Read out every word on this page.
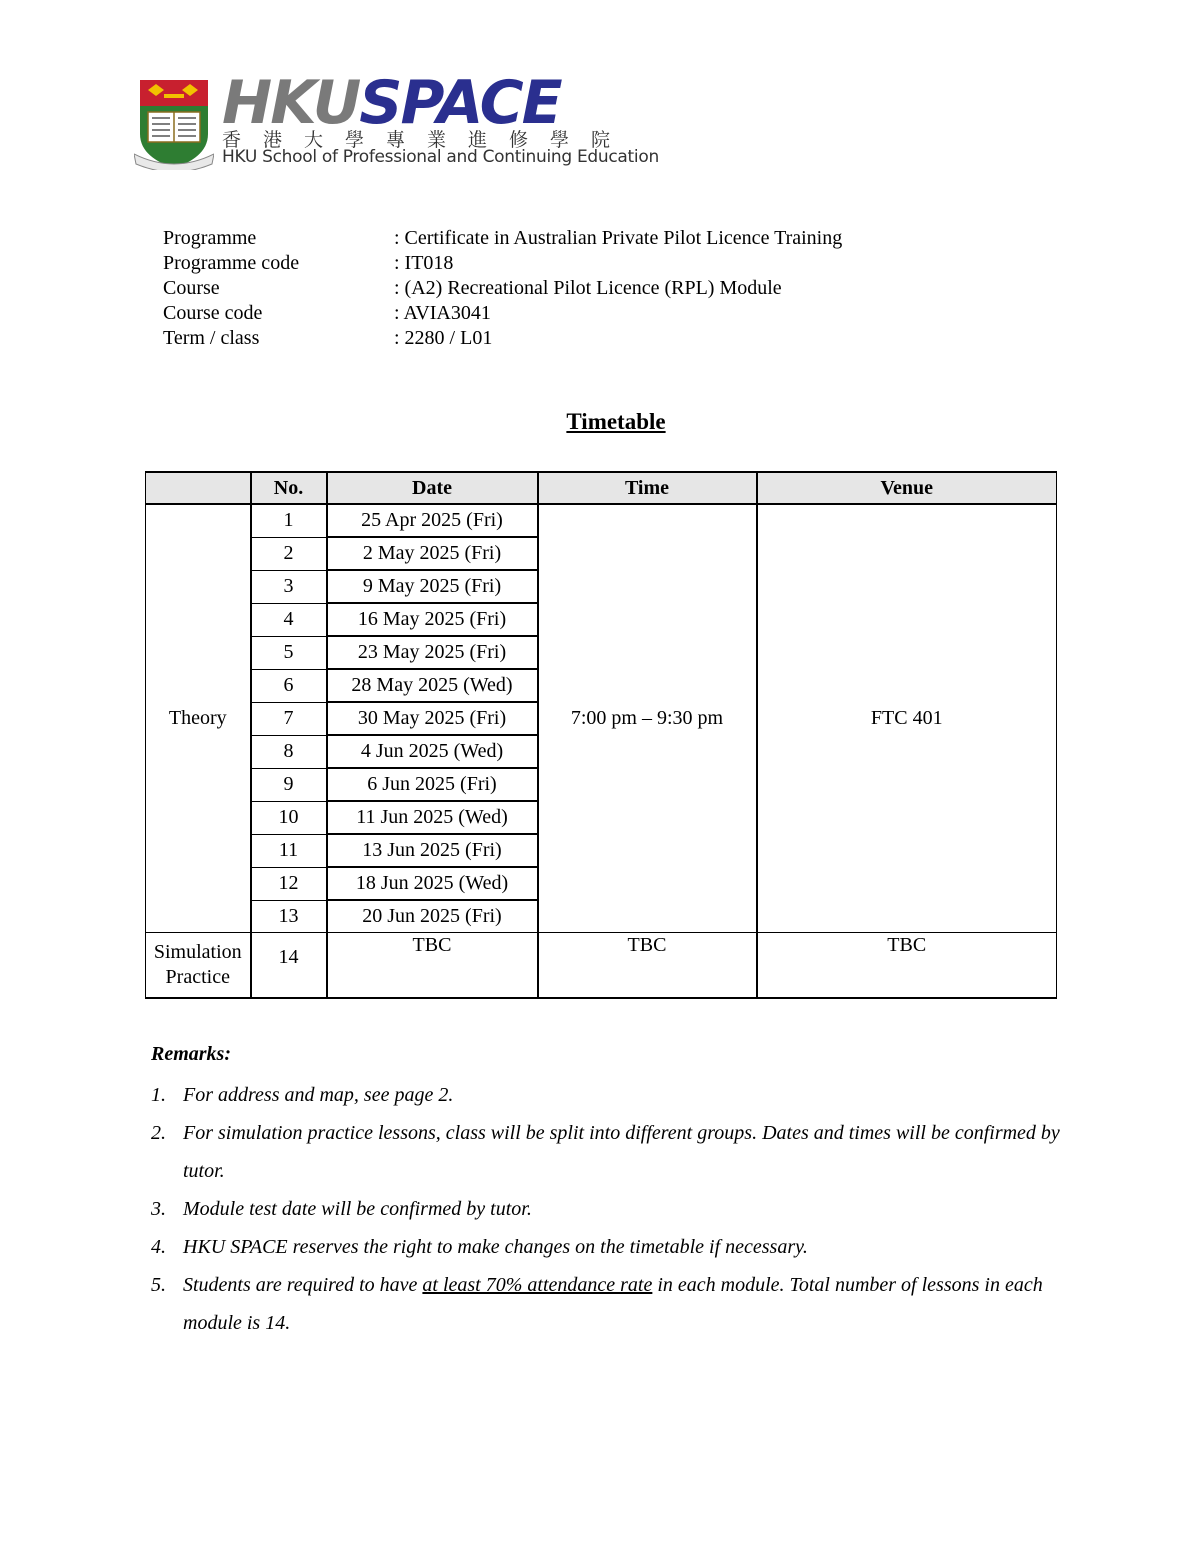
HKUSPACE
香港大學專業進修學院
HKU School of Professional and Continuing Education
Programme	: Certificate in Australian Private Pilot Licence Training
Programme code	: IT018
Course	: (A2) Recreational Pilot Licence (RPL) Module
Course code	: AVIA3041
Term / class	: 2280 / L01
Timetable
	No.	Date	Time	Venue
Theory	1	25 Apr 2025 (Fri)	7:00 pm – 9:30 pm	FTC 401
	2	2 May 2025 (Fri)		
	3	9 May 2025 (Fri)		
	4	16 May 2025 (Fri)		
	5	23 May 2025 (Fri)		
	6	28 May 2025 (Wed)		
	7	30 May 2025 (Fri)		
	8	4 Jun 2025 (Wed)		
	9	6 Jun 2025 (Fri)		
	10	11 Jun 2025 (Wed)		
	11	13 Jun 2025 (Fri)		
	12	18 Jun 2025 (Wed)		
	13	20 Jun 2025 (Fri)		

Simulation
Practice	14	TBC	TBC	TBC
Remarks:
1. For address and map, see page 2.
2. For simulation practice lessons, class will be split into different groups. Dates and times will be confirmed by tutor.
3. Module test date will be confirmed by tutor.
4. HKU SPACE reserves the right to make changes on the timetable if necessary.
5. Students are required to have at least 70% attendance rate in each module. Total number of lessons in each module is 14.
